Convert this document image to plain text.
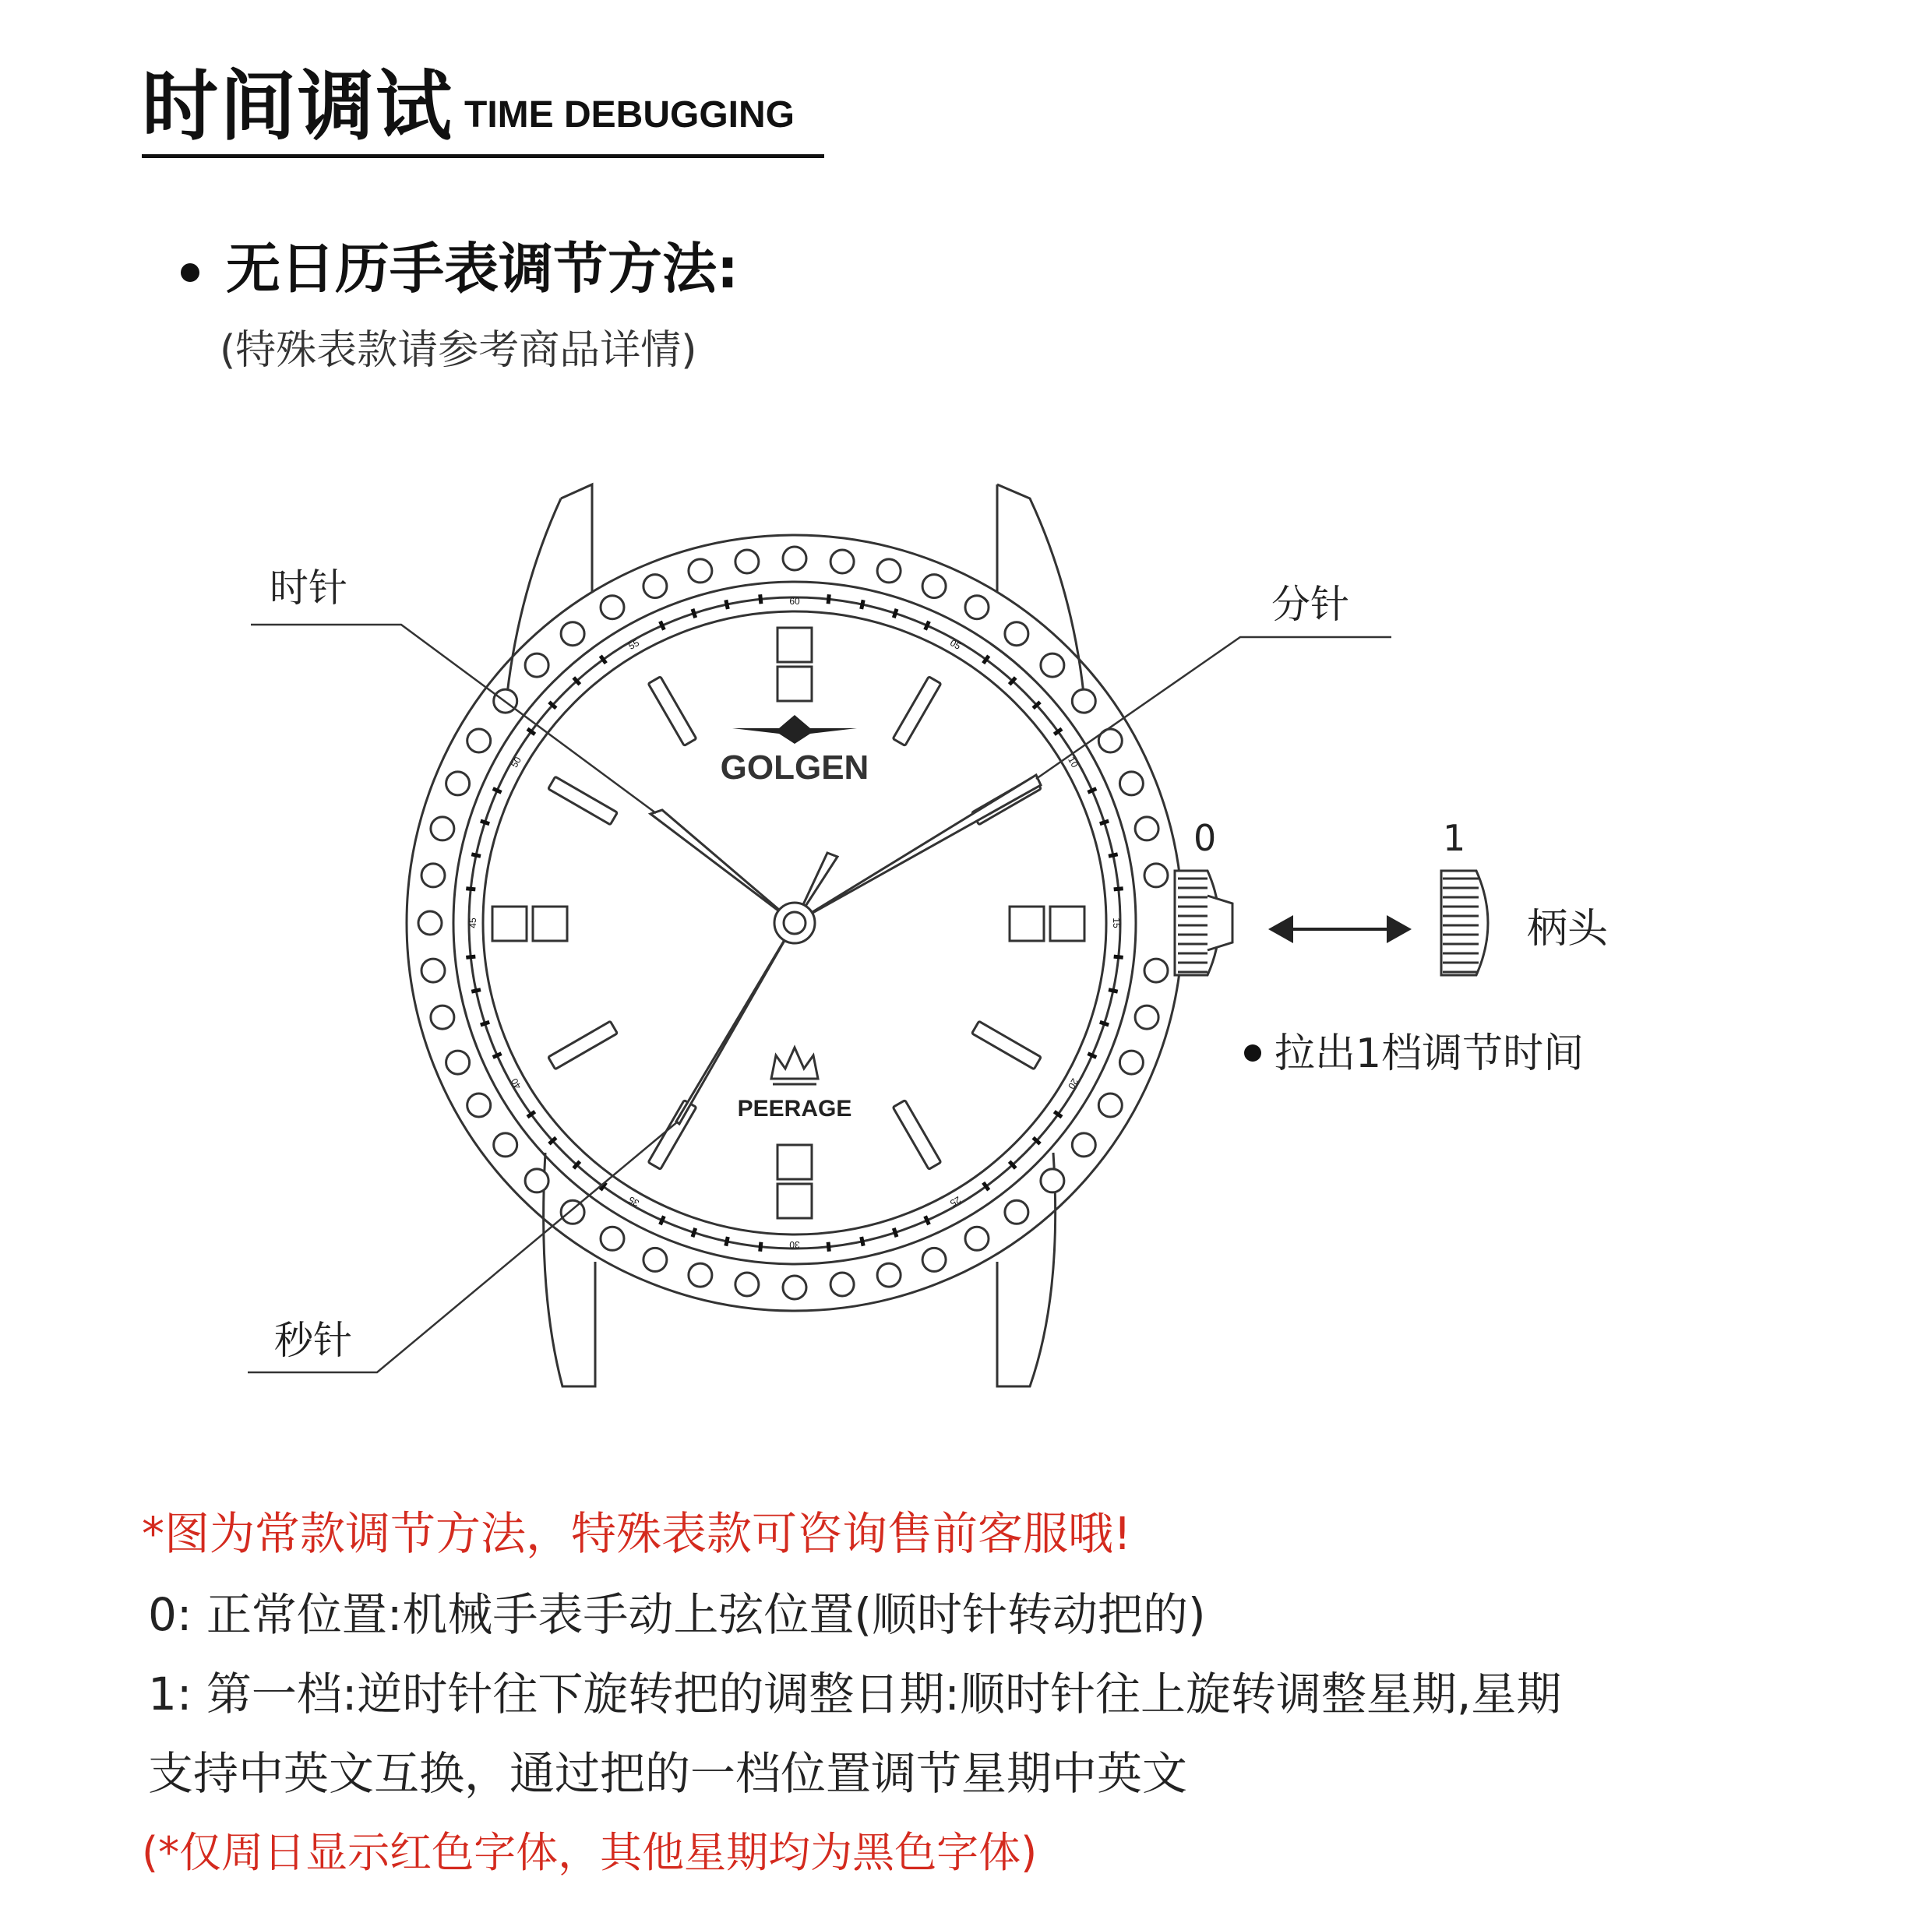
时间调试 TIME DEBUGGING
无日历手表调节方法:
(特殊表款请参考商品详情)
60
05
10
15
20
25
30
35
40
45
50
55
GOLGEN
PEERAGE
时针	分针
秒针
0	1
柄头
拉出1档调节时间
*图为常款调节方法，特殊表款可咨询售前客服哦!
0: 正常位置:机械手表手动上弦位置(顺时针转动把的)
1: 第一档:逆时针往下旋转把的调整日期:顺时针往上旋转调整星期,星期
支持中英文互换，通过把的一档位置调节星期中英文
(*仅周日显示红色字体，其他星期均为黑色字体)
